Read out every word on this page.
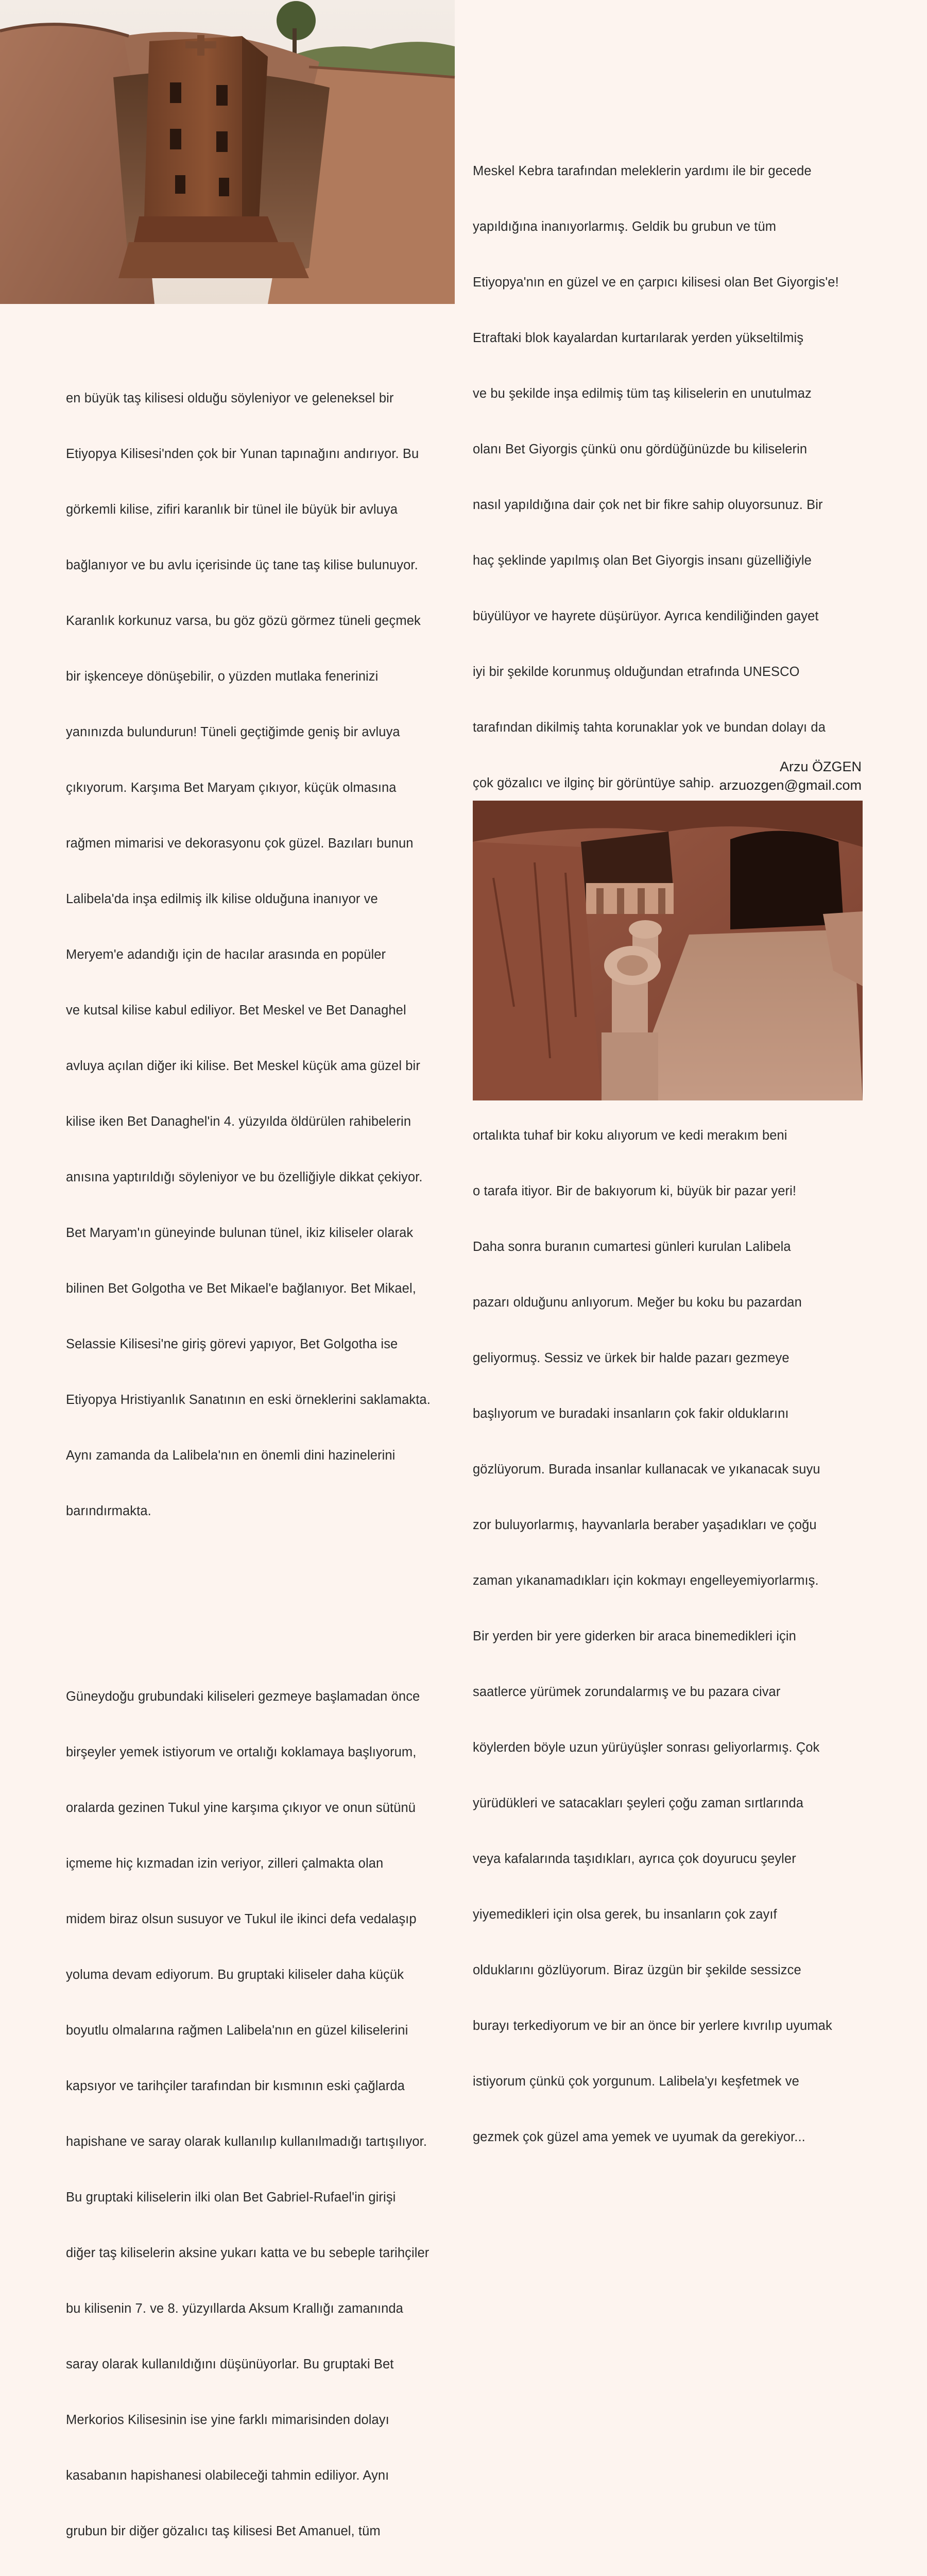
en büyük taş kilisesi olduğu söyleniyor ve geleneksel bir

Etiyopya Kilisesi'nden çok bir Yunan tapınağını andırıyor. Bu

görkemli kilise, zifiri karanlık bir tünel ile büyük bir avluya

bağlanıyor ve bu avlu içerisinde üç tane taş kilise bulunuyor.

Karanlık korkunuz varsa, bu göz gözü görmez tüneli geçmek

bir işkenceye dönüşebilir, o yüzden mutlaka fenerinizi

yanınızda bulundurun! Tüneli geçtiğimde geniş bir avluya

çıkıyorum. Karşıma Bet Maryam çıkıyor, küçük olmasına

rağmen mimarisi ve dekorasyonu çok güzel. Bazıları bunun

Lalibela'da inşa edilmiş ilk kilise olduğuna inanıyor ve

Meryem'e adandığı için de hacılar arasında en popüler

ve kutsal kilise kabul ediliyor. Bet Meskel ve Bet Danaghel

avluya açılan diğer iki kilise. Bet Meskel küçük ama güzel bir

kilise iken Bet Danaghel'in 4. yüzyılda öldürülen rahibelerin

anısına yaptırıldığı söyleniyor ve bu özelliğiyle dikkat çekiyor.

Bet Maryam'ın güneyinde bulunan tünel, ikiz kiliseler olarak

bilinen Bet Golgotha ve Bet Mikael'e bağlanıyor. Bet Mikael,

Selassie Kilisesi'ne giriş görevi yapıyor, Bet Golgotha ise

Etiyopya Hristiyanlık Sanatının en eski örneklerini saklamakta.

Aynı zamanda da Lalibela'nın en önemli dini hazinelerini

barındırmakta.

Güneydoğu grubundaki kiliseleri gezmeye başlamadan önce

birşeyler yemek istiyorum ve ortalığı koklamaya başlıyorum,

oralarda gezinen Tukul yine karşıma çıkıyor ve onun sütünü

içmeme hiç kızmadan izin veriyor, zilleri çalmakta olan

midem biraz olsun susuyor ve Tukul ile ikinci defa vedalaşıp

yoluma devam ediyorum. Bu gruptaki kiliseler daha küçük

boyutlu olmalarına rağmen Lalibela'nın en güzel kiliselerini

kapsıyor ve tarihçiler tarafından bir kısmının eski çağlarda

hapishane ve saray olarak kullanılıp kullanılmadığı tartışılıyor.

Bu gruptaki kiliselerin ilki olan Bet Gabriel-Rufael'in girişi

diğer taş kiliselerin aksine yukarı katta ve bu sebeple tarihçiler

bu kilisenin 7. ve 8. yüzyıllarda Aksum Krallığı zamanında

saray olarak kullanıldığını düşünüyorlar. Bu gruptaki Bet

Merkorios Kilisesinin ise yine farklı mimarisinden dolayı

kasabanın hapishanesi olabileceği tahmin ediliyor. Aynı

grubun bir diğer gözalıcı taş kilisesi Bet Amanuel, tüm

Meskel Kebra tarafından meleklerin yardımı ile bir gecede

yapıldığına inanıyorlarmış. Geldik bu grubun ve tüm

Etiyopya'nın en güzel ve en çarpıcı kilisesi olan Bet Giyorgis'e!

Etraftaki blok kayalardan kurtarılarak yerden yükseltilmiş

ve bu şekilde inşa edilmiş tüm taş kiliselerin en unutulmaz

olanı Bet Giyorgis çünkü onu gördüğünüzde bu kiliselerin

nasıl yapıldığına dair çok net bir fikre sahip oluyorsunuz. Bir

haç şeklinde yapılmış olan Bet Giyorgis insanı güzelliğiyle

büyülüyor ve hayrete düşürüyor. Ayrıca kendiliğinden gayet

iyi bir şekilde korunmuş olduğundan etrafında UNESCO

tarafından dikilmiş tahta korunaklar yok ve bundan dolayı da

çok gözalıcı ve ilginç bir görüntüye sahip.

ortalıkta tuhaf bir koku alıyorum ve kedi merakım beni

o tarafa itiyor. Bir de bakıyorum ki, büyük bir pazar yeri!

Daha sonra buranın cumartesi günleri kurulan Lalibela

pazarı olduğunu anlıyorum. Meğer bu koku bu pazardan

geliyormuş. Sessiz ve ürkek bir halde pazarı gezmeye

başlıyorum ve buradaki insanların çok fakir olduklarını

gözlüyorum. Burada insanlar kullanacak ve yıkanacak suyu

zor buluyorlarmış, hayvanlarla beraber yaşadıkları ve çoğu

zaman yıkanamadıkları için kokmayı engelleyemiyorlarmış.

Bir yerden bir yere giderken bir araca binemedikleri için

saatlerce yürümek zorundalarmış ve bu pazara civar

köylerden böyle uzun yürüyüşler sonrası geliyorlarmış. Çok

yürüdükleri ve satacakları şeyleri çoğu zaman sırtlarında

veya kafalarında taşıdıkları, ayrıca çok doyurucu şeyler

yiyemedikleri için olsa gerek, bu insanların çok zayıf

olduklarını gözlüyorum. Biraz üzgün bir şekilde sessizce

burayı terkediyorum ve bir an önce bir yerlere kıvrılıp uyumak

istiyorum çünkü çok yorgunum. Lalibela'yı keşfetmek ve

gezmek çok güzel ama yemek ve uyumak da gerekiyor...

Arzu ÖZGEN
arzuozgen@gmail.com
